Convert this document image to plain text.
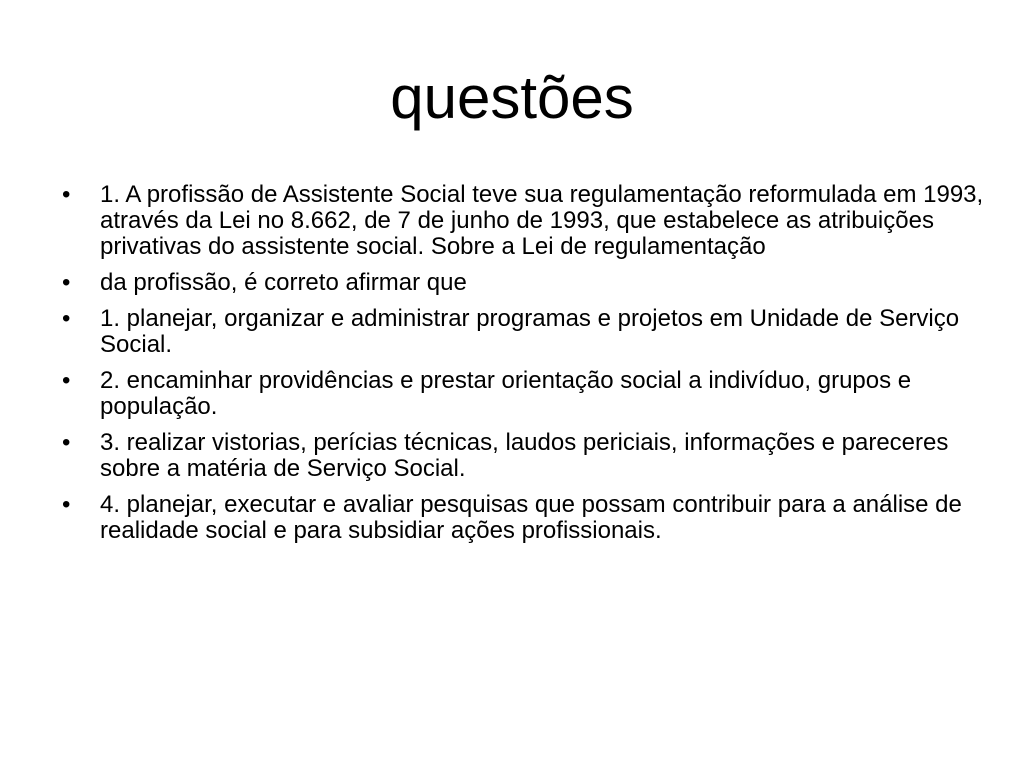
questões
•	1. A profissão de Assistente Social teve sua regulamentação reformulada em 1993, através da Lei no 8.662, de 7 de junho de 1993, que estabelece as atribuições privativas do assistente social. Sobre a Lei de regulamentação
•	da profissão, é correto afirmar que
•	1. planejar, organizar e administrar programas e projetos em Unidade de Serviço Social.
•	2. encaminhar providências e prestar orientação social a indivíduo, grupos e população.
•	3. realizar vistorias, perícias técnicas, laudos periciais, informações e pareceres sobre a matéria de Serviço Social.
•	4. planejar, executar e avaliar pesquisas que possam contribuir para a análise de realidade social e para subsidiar ações profissionais.
